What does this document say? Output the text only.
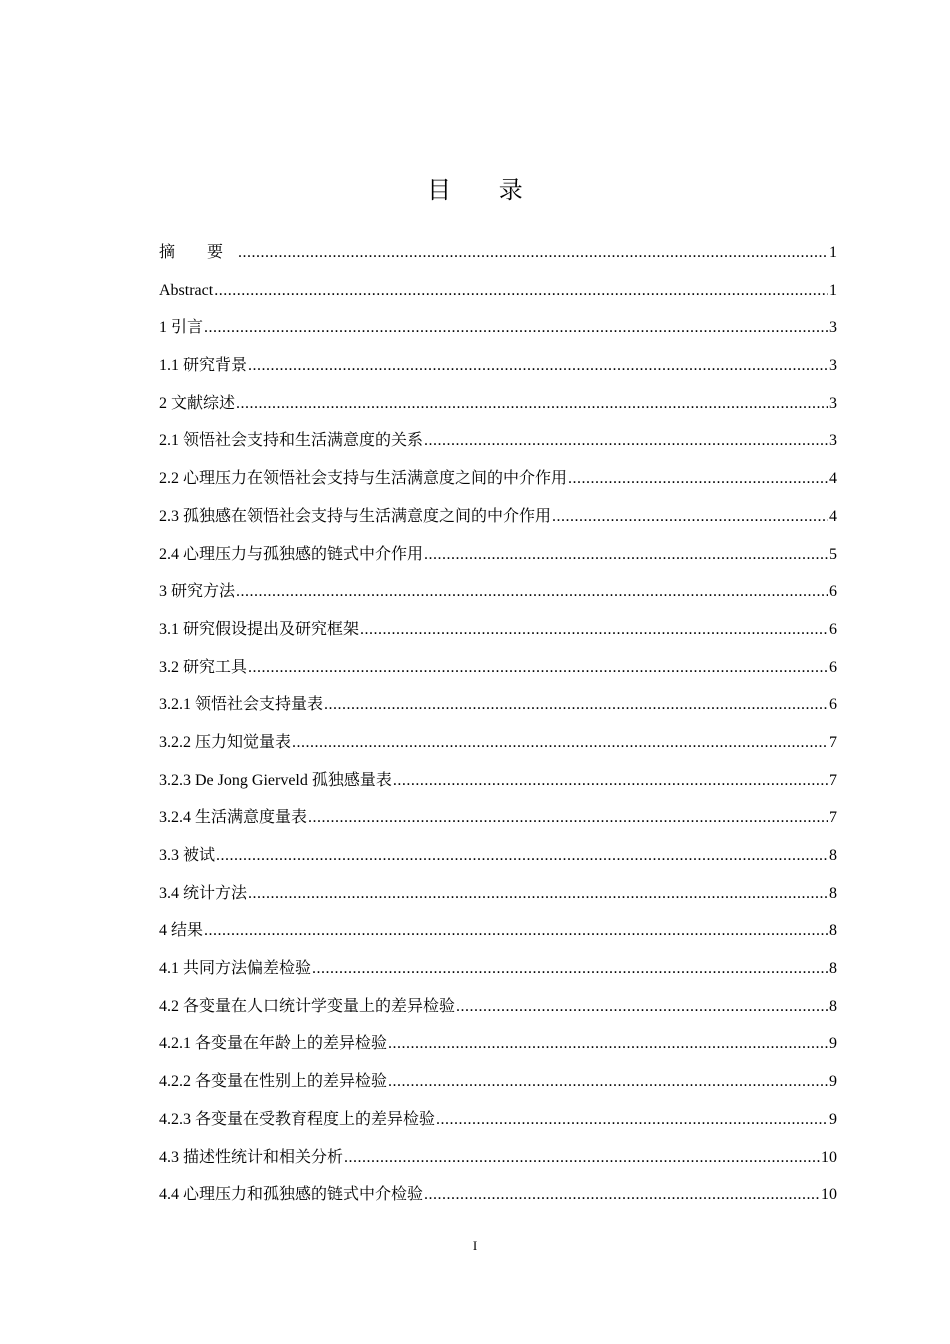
目 录
摘 要 .....	1
Abstract .....	1
1 引言 .....	3
1.1 研究背景 .....	3
2 文献综述 .....	3
2.1 领悟社会支持和生活满意度的关系 .....	3
2.2 心理压力在领悟社会支持与生活满意度之间的中介作用 .....	4
2.3 孤独感在领悟社会支持与生活满意度之间的中介作用 .....	4
2.4 心理压力与孤独感的链式中介作用 .....	5
3 研究方法 .....	6
3.1 研究假设提出及研究框架 .....	6
3.2 研究工具 .....	6
3.2.1 领悟社会支持量表 .....	6
3.2.2 压力知觉量表 .....	7
3.2.3 De Jong Gierveld 孤独感量表 .....	7
3.2.4 生活满意度量表 .....	7
3.3 被试 .....	8
3.4 统计方法 .....	8
4 结果 .....	8
4.1 共同方法偏差检验 .....	8
4.2 各变量在人口统计学变量上的差异检验 .....	8
4.2.1 各变量在年龄上的差异检验 .....	9
4.2.2 各变量在性别上的差异检验 .....	9
4.2.3 各变量在受教育程度上的差异检验 .....	9
4.3 描述性统计和相关分析 .....	10
4.4 心理压力和孤独感的链式中介检验 .....	10
I
